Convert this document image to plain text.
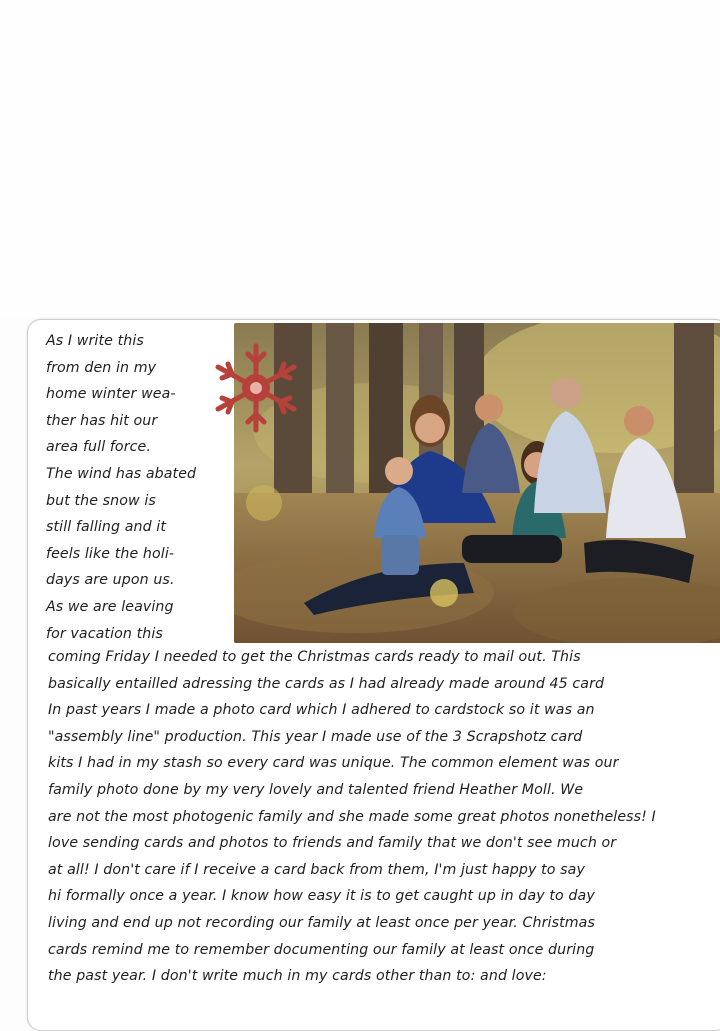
As I write this
from den in my
home winter wea-
ther has hit our
area full force.
The wind has abated
but the snow is
still falling and it
feels like the holi-
days are upon us.
As we are leaving
for vacation this
coming Friday I needed to get the Christmas cards ready to mail out. This
basically entailled adressing the cards as I had already made around 45 card
In past years I made a photo card which I adhered to cardstock so it was an
"assembly line" production. This year I made use of the 3 Scrapshotz card
kits I had in my stash so every card was unique. The common element was our
family photo done by my very lovely and talented friend Heather Moll. We
are not the most photogenic family and she made some great photos nonetheless! I
love sending cards and photos to friends and family that we don't see much or
at all! I don't care if I receive a card back from them, I'm just happy to say
hi formally once a year. I know how easy it is to get caught up in day to day
living and end up not recording our family at least once per year. Christmas
cards remind me to remember documenting our family at least once during
the past year. I don't write much in my cards other than to: and love:
